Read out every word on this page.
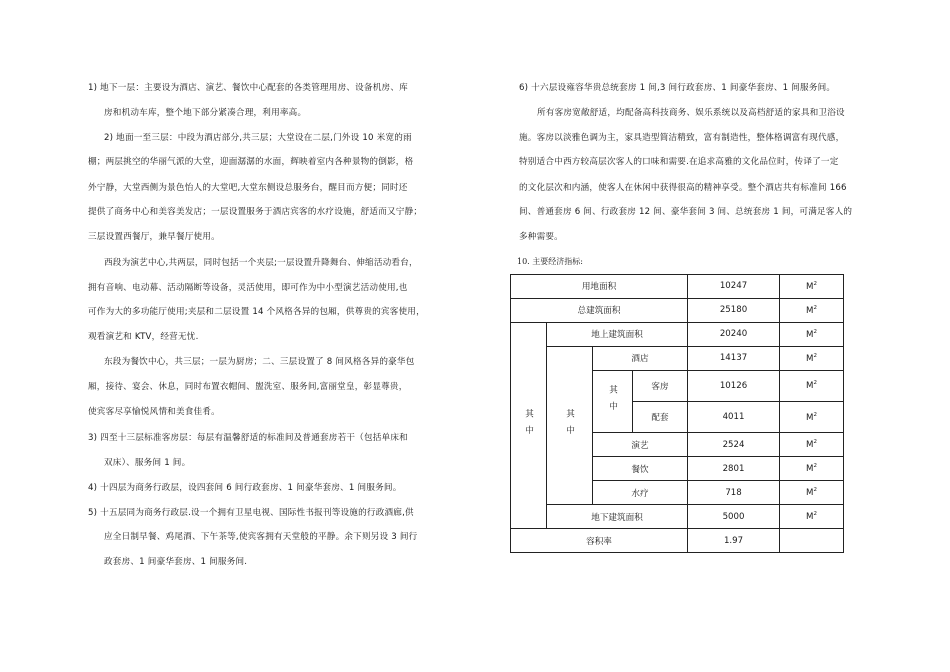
1) 地下一层：主要设为酒店、演艺、餐饮中心配套的各类管理用房、设备机房、库
房和机动车库，整个地下部分紧凑合理，利用率高。
2) 地面一至三层：中段为酒店部分,共三层；大堂设在二层,门外设 10 米宽的雨
棚；两层挑空的华丽气派的大堂，迎面潺潺的水面，辉映着室内各种景物的倒影，格
外宁静，大堂西侧为景色怡人的大堂吧,大堂东侧设总服务台，醒目而方便；同时还
提供了商务中心和美容美发店；一层设置服务于酒店宾客的水疗设施，舒适而又宁静；
三层设置西餐厅，兼早餐厅使用。
西段为演艺中心,共两层，同时包括一个夹层;一层设置升降舞台、伸缩活动看台，
拥有音响、电动幕、活动隔断等设备，灵活使用，即可作为中小型演艺活动使用,也
可作为大的多功能厅使用;夹层和二层设置 14 个风格各异的包厢，供尊贵的宾客使用，
观看演艺和 KTV，经营无忧.
东段为餐饮中心，共三层；一层为厨房；二、三层设置了 8 间风格各异的豪华包
厢，接待、宴会、休息，同时布置衣帽间、盥洗室、服务间,富丽堂皇，彰显尊贵，
使宾客尽享愉悦风情和美食佳肴。
3) 四至十三层标准客房层：每层有温馨舒适的标准间及普通套房若干（包括单床和
双床）、服务间 1 间。
4) 十四层为商务行政层，设四套间 6 间行政套房、1 间豪华套房、1 间服务间。
5) 十五层同为商务行政层.设一个拥有卫星电视、国际性书报刊等设施的行政酒廊,供
应全日制早餐、鸡尾酒、下午茶等,使宾客拥有天堂般的平静。余下则另设 3 间行
政套房、1 间豪华套房、1 间服务间.
6) 十六层设雍容华贵总统套房 1 间,3 间行政套房、1 间豪华套房、1 间服务间。
所有客房宽敞舒适，均配备高科技商务、娱乐系统以及高档舒适的家具和卫浴设
施。客房以淡雅色调为主，家具造型简洁精致，富有制造性，整体格调富有现代感，
特别适合中西方较高层次客人的口味和需要.在追求高雅的文化品位时，传译了一定
的文化层次和内涵，使客人在休闲中获得很高的精神享受。整个酒店共有标准间 166
间、普通套房 6 间、行政套房 12 间、豪华套间 3 间、总统套房 1 间，可满足客人的
多种需要。
10. 主要经济指标:
用地面积				10247	$M^2$
总建筑面积				25180	$M^2$
其中	地上建筑面积			20240	$M^2$
	其中	酒店		14137	$M^2$
		其中	客房	10126	$M^2$
			配套	4011	$M^2$
		演艺		2524	$M^2$
		餐饮		2801	$M^2$
		水疗		718	$M^2$
	地下建筑面积			5000	$M^2$
容积率				1.97	
